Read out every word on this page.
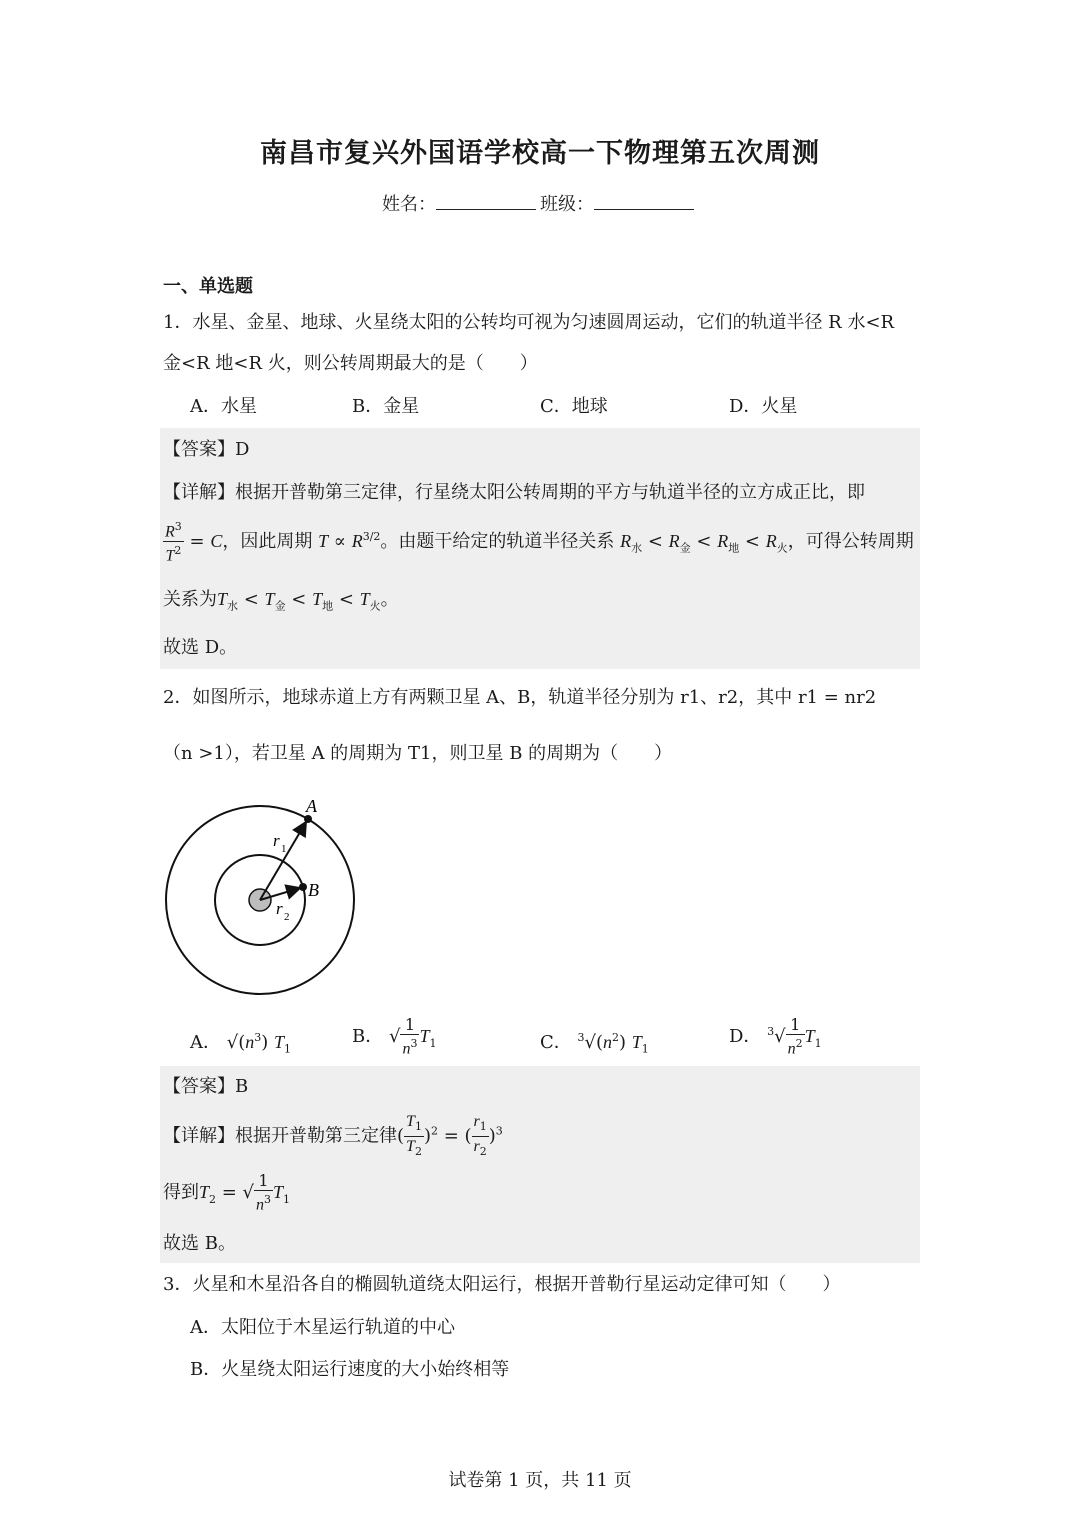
南昌市复兴外国语学校高一下物理第五次周测
姓名：	班级：
一、单选题
1．水星、金星、地球、火星绕太阳的公转均可视为匀速圆周运动，它们的轨道半径 R 水<R
金<R 地<R 火，则公转周期最大的是（　　）
A．水星	B．金星	C．地球	D．火星
【答案】D
【详解】根据开普勒第三定律，行星绕太阳公转周期的平方与轨道半径的立方成正比，即
$\frac{R^3}{T^2} = C$，因此周期 $T \propto R^{3/2}$。由题干给定的轨道半径关系 $R_水 < R_金 < R_地 < R_火$，可得公转周期
关系为$T_水 < T_金 < T_地 < T_火$。
故选 D。
2．如图所示，地球赤道上方有两颗卫星 A、B，轨道半径分别为 r1、r2，其中 r1 = nr2
（n >1），若卫星 A 的周期为 T1，则卫星 B 的周期为（　　）
A
B
r 1
r 2
A． $√(n^3)$ $T_1$
B． √ $\frac{1}{n^3} T_1$	C． $^3√(n^2)$ $T_1$
D． $^3√ \frac{1}{n^2} T_1$
【答案】B
【详解】根据开普勒第三定律( $\frac{T_1}{T_2} )^2$ = ( $\frac{r_1}{r_2} )^3$
得到$T_2$ = √ $\frac{1}{n^3} T_1$
故选 B。
3．火星和木星沿各自的椭圆轨道绕太阳运行，根据开普勒行星运动定律可知（　　）
A．太阳位于木星运行轨道的中心
B．火星绕太阳运行速度的大小始终相等
试卷第 1 页，共 11 页
